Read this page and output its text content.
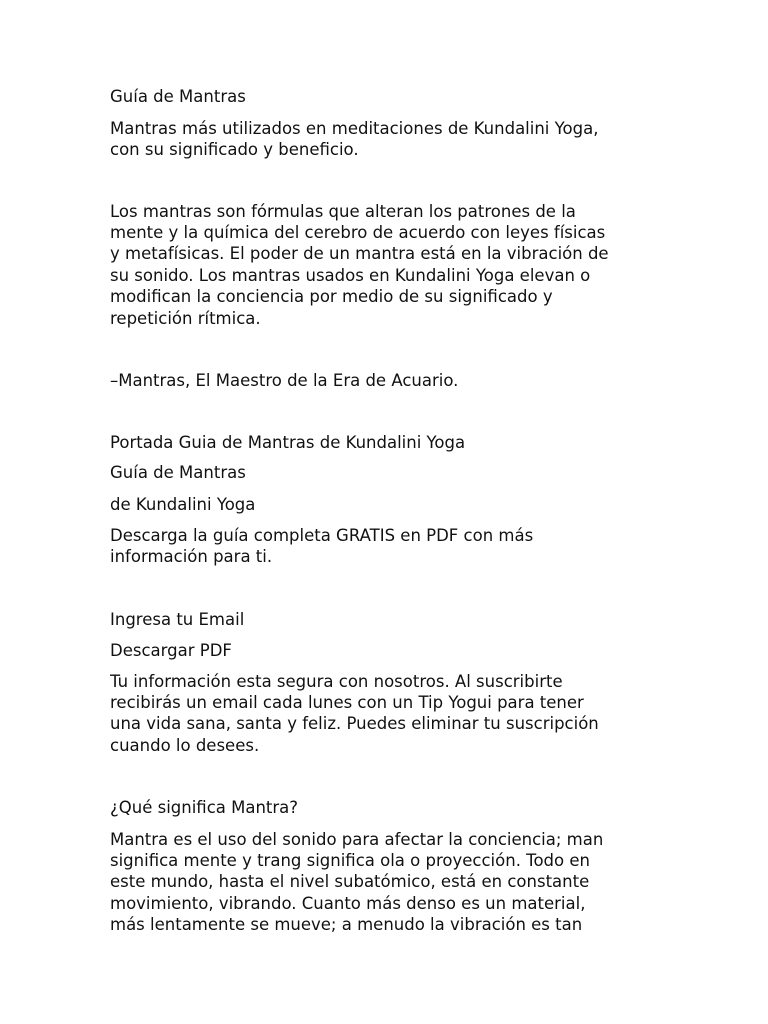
Guía de Mantras
Mantras más utilizados en meditaciones de Kundalini Yoga,
con su significado y beneficio.
Los mantras son fórmulas que alteran los patrones de la
mente y la química del cerebro de acuerdo con leyes físicas
y metafísicas. El poder de un mantra está en la vibración de
su sonido. Los mantras usados en Kundalini Yoga elevan o
modifican la conciencia por medio de su significado y
repetición rítmica.
–Mantras, El Maestro de la Era de Acuario.
Portada Guia de Mantras de Kundalini Yoga
Guía de Mantras
de Kundalini Yoga
Descarga la guía completa GRATIS en PDF con más
información para ti.
Ingresa tu Email
Descargar PDF
Tu información esta segura con nosotros. Al suscribirte
recibirás un email cada lunes con un Tip Yogui para tener
una vida sana, santa y feliz. Puedes eliminar tu suscripción
cuando lo desees.
¿Qué significa Mantra?
Mantra es el uso del sonido para afectar la conciencia; man
significa mente y trang significa ola o proyección. Todo en
este mundo, hasta el nivel subatómico, está en constante
movimiento, vibrando. Cuanto más denso es un material,
más lentamente se mueve; a menudo la vibración es tan
